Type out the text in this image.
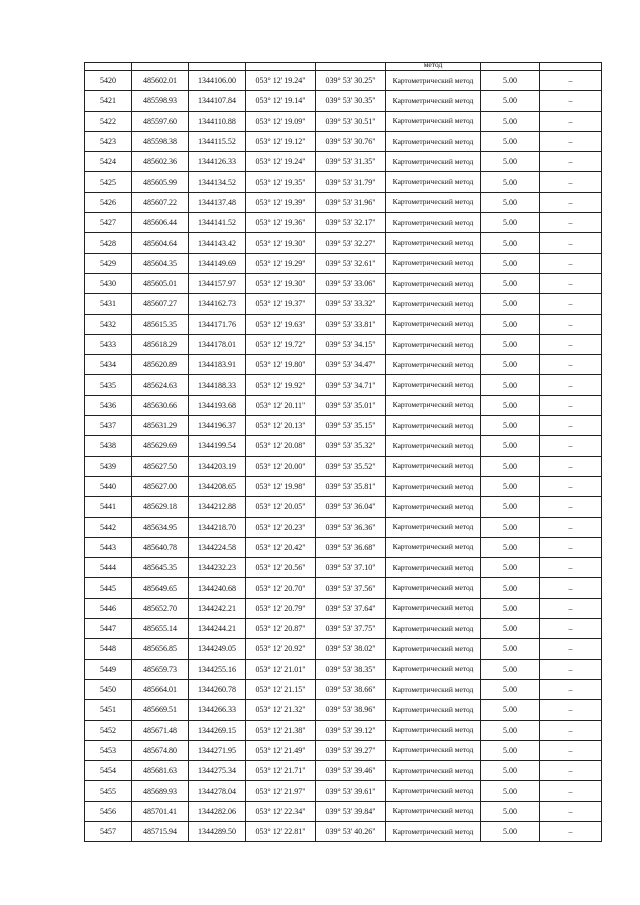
					метод		

5420	485602.01	1344106.00	053° 12' 19.24"	039° 53' 30.25"	Картометрический метод	5.00	–
5421	485598.93	1344107.84	053° 12' 19.14"	039° 53' 30.35"	Картометрический метод	5.00	–
5422	485597.60	1344110.88	053° 12' 19.09"	039° 53' 30.51"	Картометрический метод	5.00	–
5423	485598.38	1344115.52	053° 12' 19.12"	039° 53' 30.76"	Картометрический метод	5.00	–
5424	485602.36	1344126.33	053° 12' 19.24"	039° 53' 31.35"	Картометрический метод	5.00	–
5425	485605.99	1344134.52	053° 12' 19.35"	039° 53' 31.79"	Картометрический метод	5.00	–
5426	485607.22	1344137.48	053° 12' 19.39"	039° 53' 31.96"	Картометрический метод	5.00	–
5427	485606.44	1344141.52	053° 12' 19.36"	039° 53' 32.17"	Картометрический метод	5.00	–
5428	485604.64	1344143.42	053° 12' 19.30"	039° 53' 32.27"	Картометрический метод	5.00	–
5429	485604.35	1344149.69	053° 12' 19.29"	039° 53' 32.61"	Картометрический метод	5.00	–
5430	485605.01	1344157.97	053° 12' 19.30"	039° 53' 33.06"	Картометрический метод	5.00	–
5431	485607.27	1344162.73	053° 12' 19.37"	039° 53' 33.32"	Картометрический метод	5.00	–
5432	485615.35	1344171.76	053° 12' 19.63"	039° 53' 33.81"	Картометрический метод	5.00	–
5433	485618.29	1344178.01	053° 12' 19.72"	039° 53' 34.15"	Картометрический метод	5.00	–
5434	485620.89	1344183.91	053° 12' 19.80"	039° 53' 34.47"	Картометрический метод	5.00	–
5435	485624.63	1344188.33	053° 12' 19.92"	039° 53' 34.71"	Картометрический метод	5.00	–
5436	485630.66	1344193.68	053° 12' 20.11"	039° 53' 35.01"	Картометрический метод	5.00	–
5437	485631.29	1344196.37	053° 12' 20.13"	039° 53' 35.15"	Картометрический метод	5.00	–
5438	485629.69	1344199.54	053° 12' 20.08"	039° 53' 35.32"	Картометрический метод	5.00	–
5439	485627.50	1344203.19	053° 12' 20.00"	039° 53' 35.52"	Картометрический метод	5.00	–
5440	485627.00	1344208.65	053° 12' 19.98"	039° 53' 35.81"	Картометрический метод	5.00	–
5441	485629.18	1344212.88	053° 12' 20.05"	039° 53' 36.04"	Картометрический метод	5.00	–
5442	485634.95	1344218.70	053° 12' 20.23"	039° 53' 36.36"	Картометрический метод	5.00	–
5443	485640.78	1344224.58	053° 12' 20.42"	039° 53' 36.68"	Картометрический метод	5.00	–
5444	485645.35	1344232.23	053° 12' 20.56"	039° 53' 37.10"	Картометрический метод	5.00	–
5445	485649.65	1344240.68	053° 12' 20.70"	039° 53' 37.56"	Картометрический метод	5.00	–
5446	485652.70	1344242.21	053° 12' 20.79"	039° 53' 37.64"	Картометрический метод	5.00	–
5447	485655.14	1344244.21	053° 12' 20.87"	039° 53' 37.75"	Картометрический метод	5.00	–
5448	485656.85	1344249.05	053° 12' 20.92"	039° 53' 38.02"	Картометрический метод	5.00	–
5449	485659.73	1344255.16	053° 12' 21.01"	039° 53' 38.35"	Картометрический метод	5.00	–
5450	485664.01	1344260.78	053° 12' 21.15"	039° 53' 38.66"	Картометрический метод	5.00	–
5451	485669.51	1344266.33	053° 12' 21.32"	039° 53' 38.96"	Картометрический метод	5.00	–
5452	485671.48	1344269.15	053° 12' 21.38"	039° 53' 39.12"	Картометрический метод	5.00	–
5453	485674.80	1344271.95	053° 12' 21.49"	039° 53' 39.27"	Картометрический метод	5.00	–
5454	485681.63	1344275.34	053° 12' 21.71"	039° 53' 39.46"	Картометрический метод	5.00	–
5455	485689.93	1344278.04	053° 12' 21.97"	039° 53' 39.61"	Картометрический метод	5.00	–
5456	485701.41	1344282.06	053° 12' 22.34"	039° 53' 39.84"	Картометрический метод	5.00	–
5457	485715.94	1344289.50	053° 12' 22.81"	039° 53' 40.26"	Картометрический метод	5.00	–
